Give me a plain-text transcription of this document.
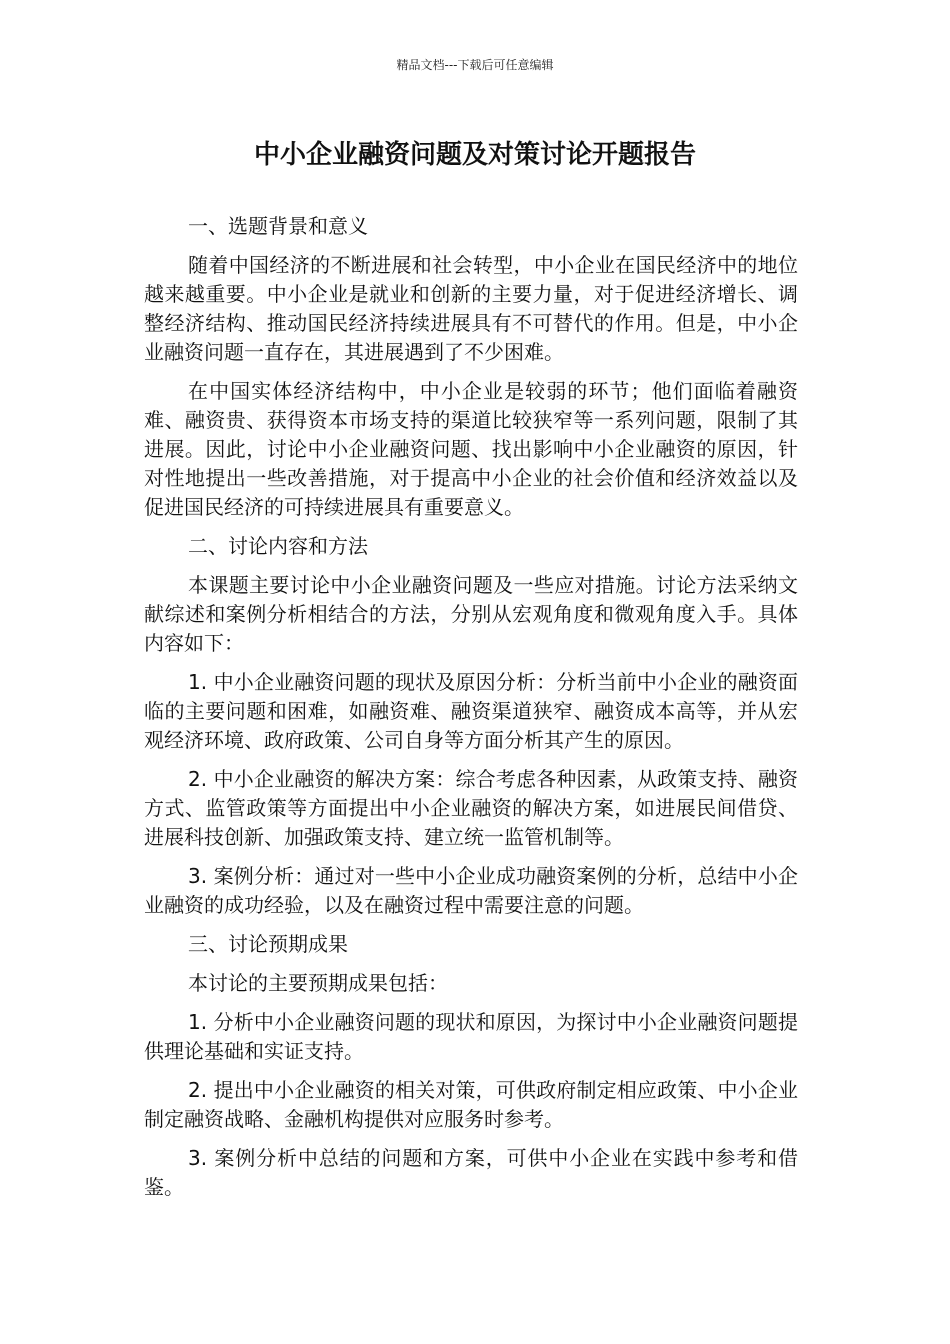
精品文档---下载后可任意编辑
中小企业融资问题及对策讨论开题报告

一、选题背景和意义

随着中国经济的不断进展和社会转型，中小企业在国民经济中的地位越来越重要。中小企业是就业和创新的主要力量，对于促进经济增长、调整经济结构、推动国民经济持续进展具有不可替代的作用。但是，中小企业融资问题一直存在，其进展遇到了不少困难。

在中国实体经济结构中，中小企业是较弱的环节；他们面临着融资难、融资贵、获得资本市场支持的渠道比较狭窄等一系列问题，限制了其进展。因此，讨论中小企业融资问题、找出影响中小企业融资的原因，针对性地提出一些改善措施，对于提高中小企业的社会价值和经济效益以及促进国民经济的可持续进展具有重要意义。

二、讨论内容和方法

本课题主要讨论中小企业融资问题及一些应对措施。讨论方法采纳文献综述和案例分析相结合的方法，分别从宏观角度和微观角度入手。具体内容如下：

1. 中小企业融资问题的现状及原因分析：分析当前中小企业的融资面临的主要问题和困难，如融资难、融资渠道狭窄、融资成本高等，并从宏观经济环境、政府政策、公司自身等方面分析其产生的原因。

2. 中小企业融资的解决方案：综合考虑各种因素，从政策支持、融资方式、监管政策等方面提出中小企业融资的解决方案，如进展民间借贷、进展科技创新、加强政策支持、建立统一监管机制等。

3. 案例分析：通过对一些中小企业成功融资案例的分析，总结中小企业融资的成功经验，以及在融资过程中需要注意的问题。

三、讨论预期成果

本讨论的主要预期成果包括：

1. 分析中小企业融资问题的现状和原因，为探讨中小企业融资问题提供理论基础和实证支持。

2. 提出中小企业融资的相关对策，可供政府制定相应政策、中小企业制定融资战略、金融机构提供对应服务时参考。

3. 案例分析中总结的问题和方案，可供中小企业在实践中参考和借鉴。
